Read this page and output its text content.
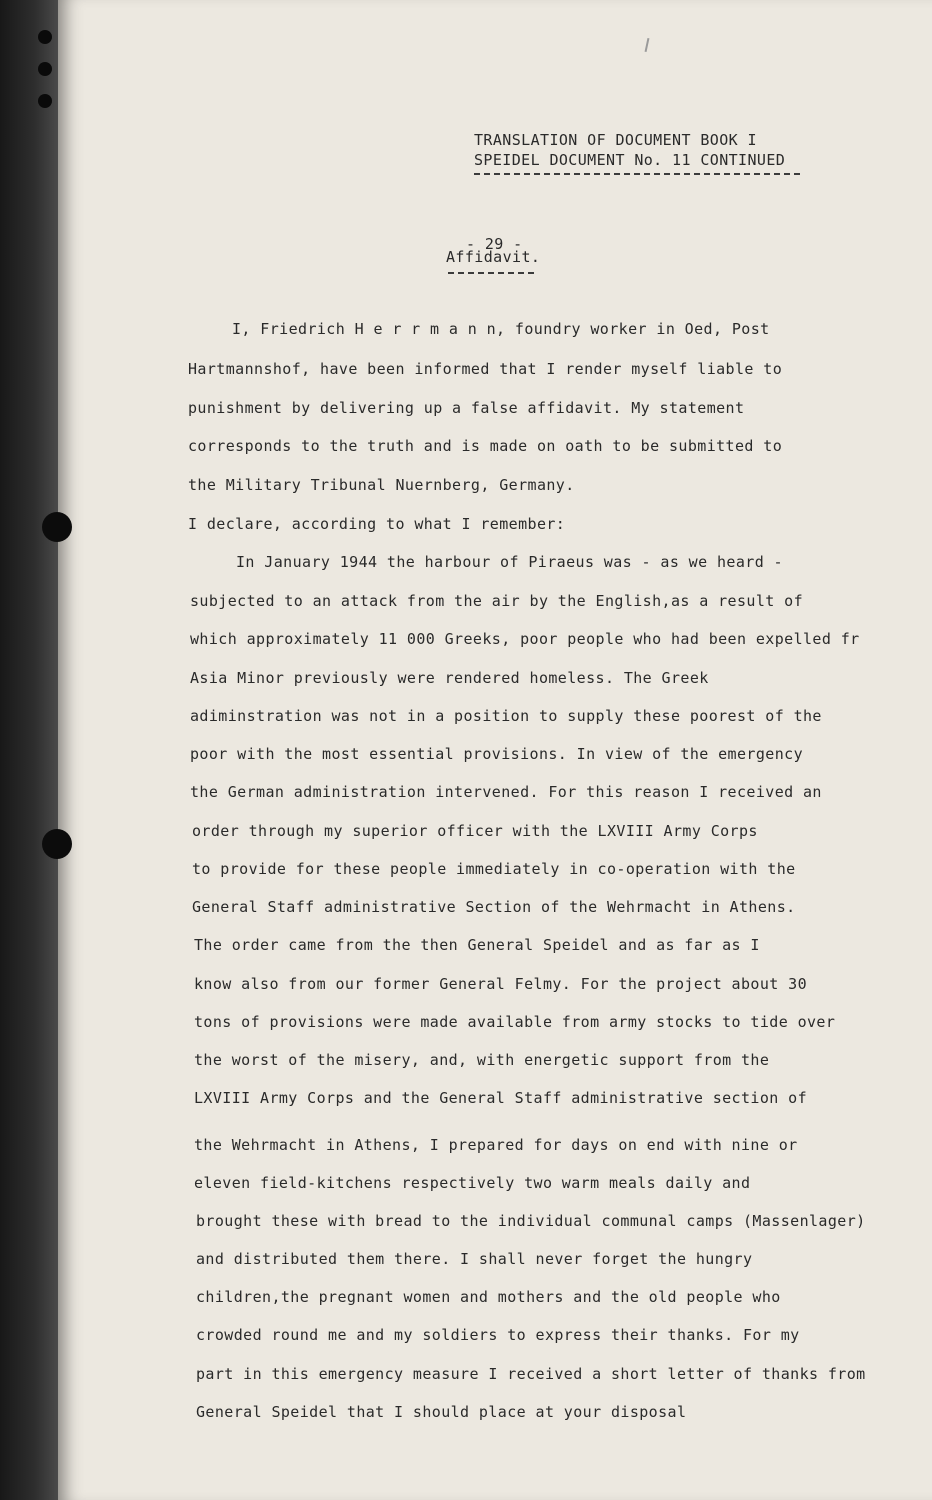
TRANSLATION OF DOCUMENT BOOK I
SPEIDEL DOCUMENT No. 11 CONTINUED
- 29 -
Affidavit.
I, Friedrich H e r r m a n n, foundry worker in Oed, Post
Hartmannshof, have been informed that I render myself liable to
punishment by delivering up a false affidavit. My statement
corresponds to the truth and is made on oath to be submitted to
the Military Tribunal Nuernberg, Germany.
I declare, according to what I remember:
In January 1944 the harbour of Piraeus was - as we heard -
subjected to an attack from the air by the English,as a result of
which approximately 11 000 Greeks, poor people who had been expelled fr
Asia Minor previously were rendered homeless. The Greek
adiminstration was not in a position to supply these poorest of the
poor with the most essential provisions. In view of the emergency
the German administration intervened. For this reason I received an
order through my superior officer with the LXVIII Army Corps
to provide for these people immediately in co-operation with the
General Staff administrative Section of the Wehrmacht in Athens.
The order came from the then General Speidel and as far as I
know also from our former General Felmy. For the project about 30
tons of provisions were made available from army stocks to tide over
the worst of the misery, and, with energetic support from the
LXVIII Army Corps and the General Staff administrative section of
the Wehrmacht in Athens, I prepared for days on end with nine or
eleven field-kitchens respectively two warm meals daily and
brought these with bread to the individual communal camps (Massenlager)
and distributed them there. I shall never forget the hungry
children,the pregnant women and mothers and the old people who
crowded round me and my soldiers to express their thanks. For my
part in this emergency measure I received a short letter of thanks from
General Speidel that I should place at your disposal
